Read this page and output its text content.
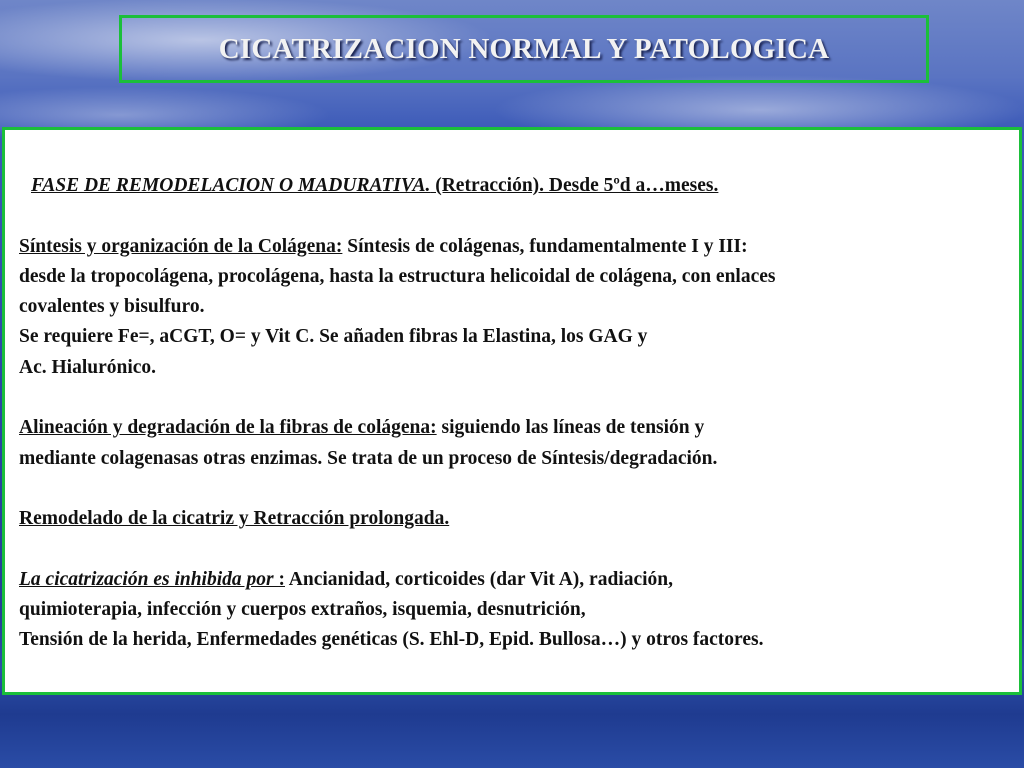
CICATRIZACION NORMAL Y PATOLOGICA
FASE DE REMODELACION O MADURATIVA. (Retracción). Desde 5ºd a…meses.
Síntesis y organización de la Colágena: Síntesis de colágenas, fundamentalmente I y III:
desde la tropocolágena, procolágena, hasta la estructura helicoidal de colágena, con enlaces
covalentes y bisulfuro.
Se requiere Fe=, aCGT, O= y Vit C. Se añaden fibras la Elastina, los GAG y
Ac. Hialurónico.
Alineación y degradación de la fibras de colágena: siguiendo las líneas de tensión y
mediante colagenasas otras enzimas. Se trata de un proceso de Síntesis/degradación.
Remodelado de la cicatriz y Retracción prolongada.
La cicatrización es inhibida por : Ancianidad, corticoides (dar Vit A), radiación,
quimioterapia, infección y cuerpos extraños, isquemia, desnutrición,
Tensión de la herida, Enfermedades genéticas (S. Ehl-D, Epid. Bullosa…) y otros factores.
